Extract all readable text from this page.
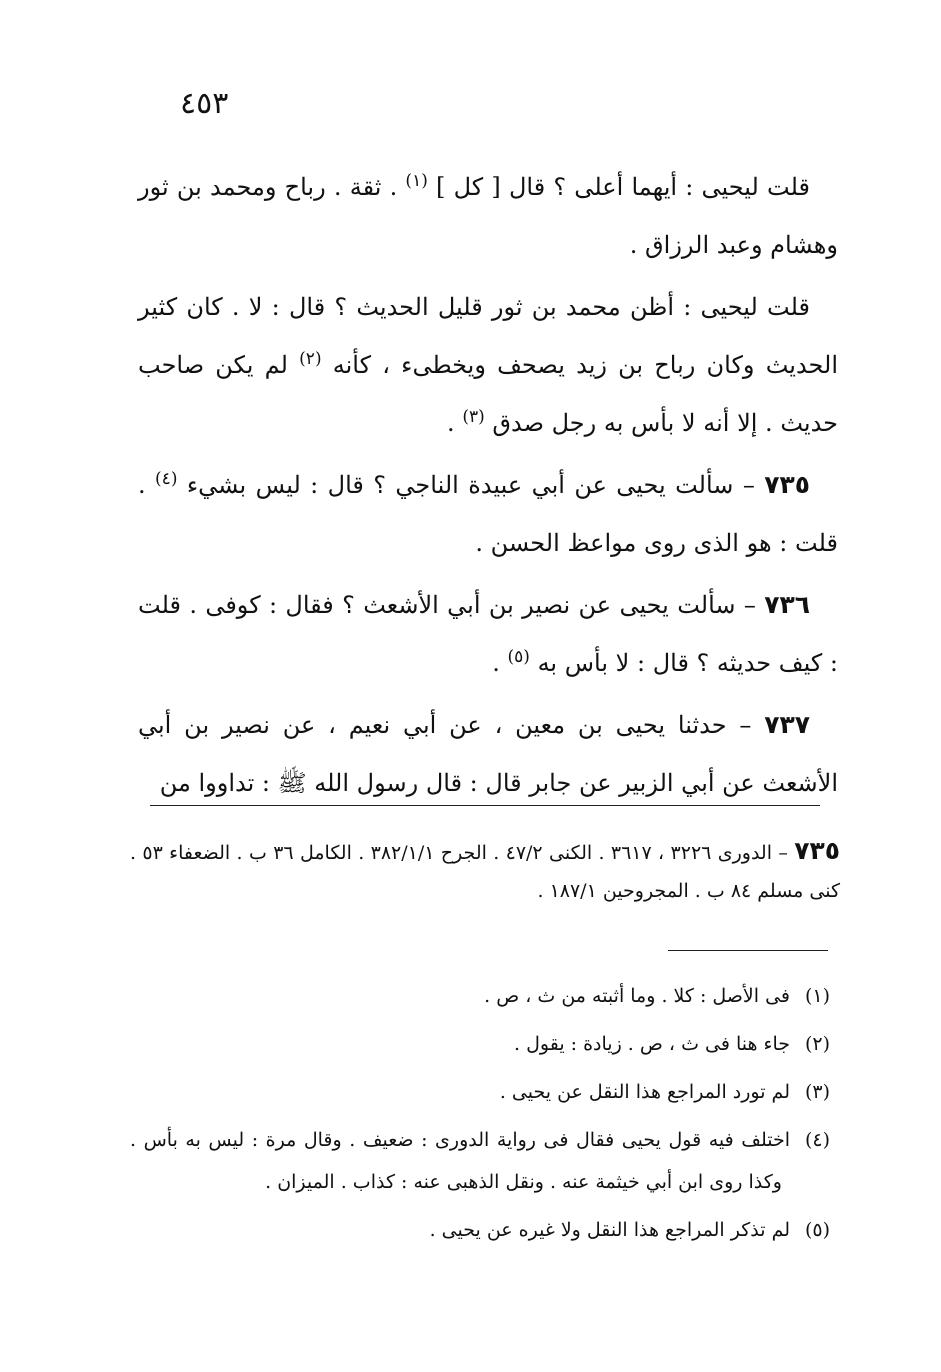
٤٥٣

قلت ليحيى : أيهما أعلى ؟ قال [ كل ] $^{(١)}$ . ثقة . رباح ومحمد بن ثور وهشام وعبد الرزاق .

قلت ليحيى : أظن محمد بن ثور قليل الحديث ؟ قال : لا . كان كثير الحديث وكان رباح بن زيد يصحف ويخطىء ، كأنه $^{(٢)}$ لم يكن صاحب حديث . إلا أنه لا بأس به رجل صدق $^{(٣)}$ .

٧٣٥ – سألت يحيى عن أبي عبيدة الناجي ؟ قال : ليس بشيء $^{(٤)}$ . قلت : هو الذى روى مواعظ الحسن .

٧٣٦ – سألت يحيى عن نصير بن أبي الأشعث ؟ فقال : كوفى . قلت : كيف حديثه ؟ قال : لا بأس به $^{(٥)}$ .

٧٣٧ – حدثنا يحيى بن معين ، عن أبي نعيم ، عن نصير بن أبي الأشعث عن أبي الزبير عن جابر قال : قال رسول الله ﷺ : تداووا من

٧٣٥ – الدورى ٣٢٢٦ ، ٣٦١٧ . الكنى ٤٧/٢ . الجرح ٣٨٢/١/١ . الكامل ٣٦ ب . الضعفاء ٥٣ . كنى مسلم ٨٤ ب . المجروحين ١٨٧/١ .

(١)فى الأصل : كلا . وما أثبته من ث ، ص .

(٢)جاء هنا فى ث ، ص . زيادة : يقول .

(٣)لم تورد المراجع هذا النقل عن يحيى .

(٤)اختلف فيه قول يحيى فقال فى رواية الدورى : ضعيف . وقال مرة : ليس به بأس . وكذا روى ابن أبي خيثمة عنه . ونقل الذهبى عنه : كذاب . الميزان .

(٥)لم تذكر المراجع هذا النقل ولا غيره عن يحيى .
